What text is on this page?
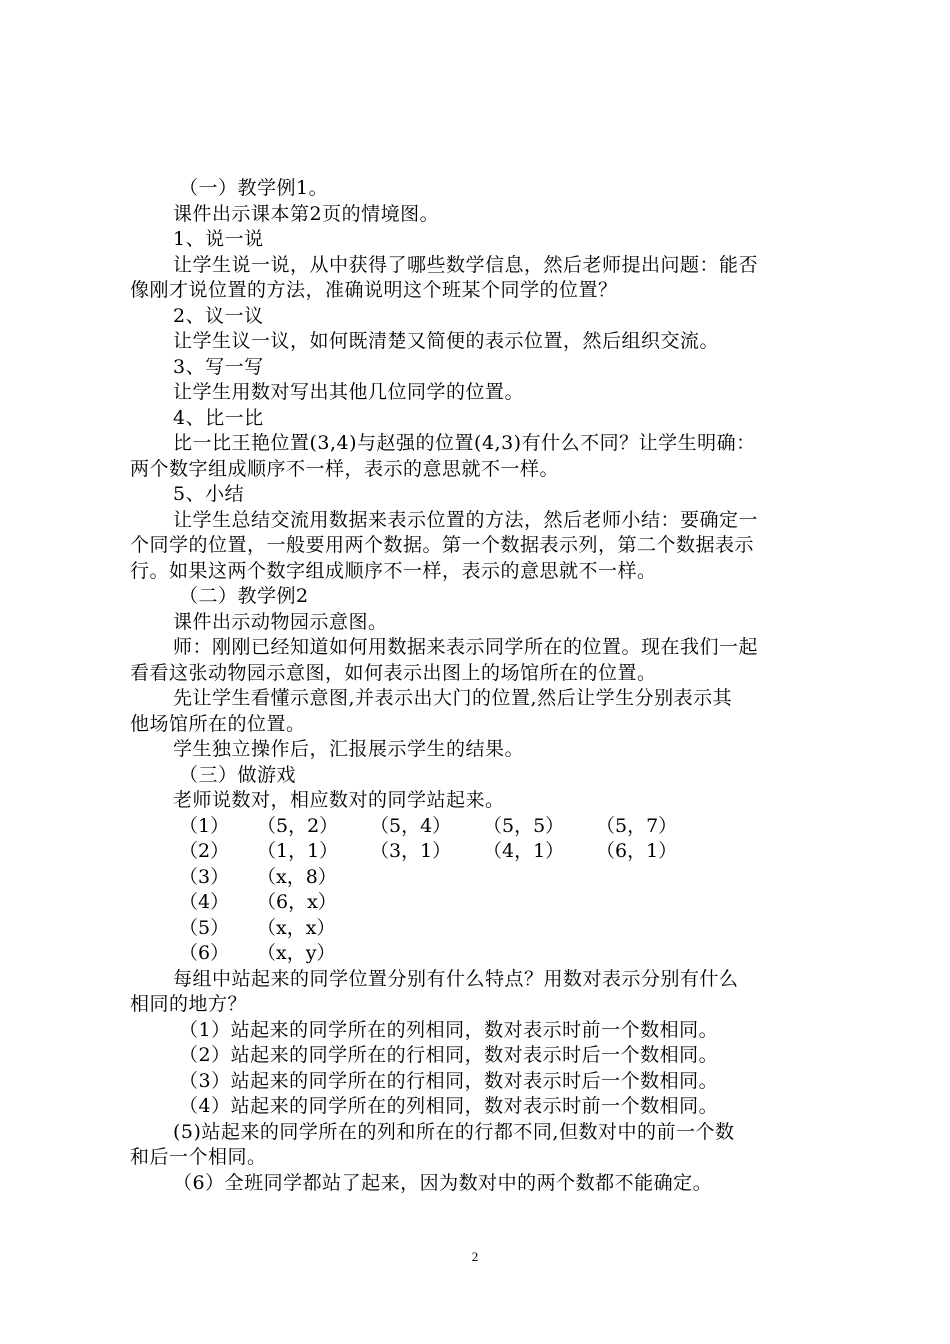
（一）教学例1。

课件出示课本第2页的情境图。

1、说一说

让学生说一说，从中获得了哪些数学信息，然后老师提出问题：能否

像刚才说位置的方法，准确说明这个班某个同学的位置？

2、议一议

让学生议一议，如何既清楚又简便的表示位置，然后组织交流。

3、写一写

让学生用数对写出其他几位同学的位置。

4、比一比

比一比王艳位置(3,4)与赵强的位置(4,3)有什么不同？让学生明确：

两个数字组成顺序不一样，表示的意思就不一样。

5、小结

让学生总结交流用数据来表示位置的方法，然后老师小结：要确定一

个同学的位置，一般要用两个数据。第一个数据表示列，第二个数据表示

行。如果这两个数字组成顺序不一样，表示的意思就不一样。

（二）教学例2

课件出示动物园示意图。

师：刚刚已经知道如何用数据来表示同学所在的位置。现在我们一起

看看这张动物园示意图，如何表示出图上的场馆所在的位置。

先让学生看懂示意图,并表示出大门的位置,然后让学生分别表示其

他场馆所在的位置。

学生独立操作后，汇报展示学生的结果。

（三）做游戏

老师说数对，相应数对的同学站起来。

（1）	（5，2）	（5，4）	（5，5）	（5，7）
（2）	（1，1）	（3，1）	（4，1）	（6，1）
（3）	（x，8）
（4）	（6，x）
（5）	（x，x）
（6）	（x，y）

每组中站起来的同学位置分别有什么特点？用数对表示分别有什么

相同的地方？

（1）站起来的同学所在的列相同，数对表示时前一个数相同。

（2）站起来的同学所在的行相同，数对表示时后一个数相同。

（3）站起来的同学所在的行相同，数对表示时后一个数相同。

（4）站起来的同学所在的列相同，数对表示时前一个数相同。

(5)站起来的同学所在的列和所在的行都不同,但数对中的前一个数

和后一个相同。

（6）全班同学都站了起来，因为数对中的两个数都不能确定。

2
